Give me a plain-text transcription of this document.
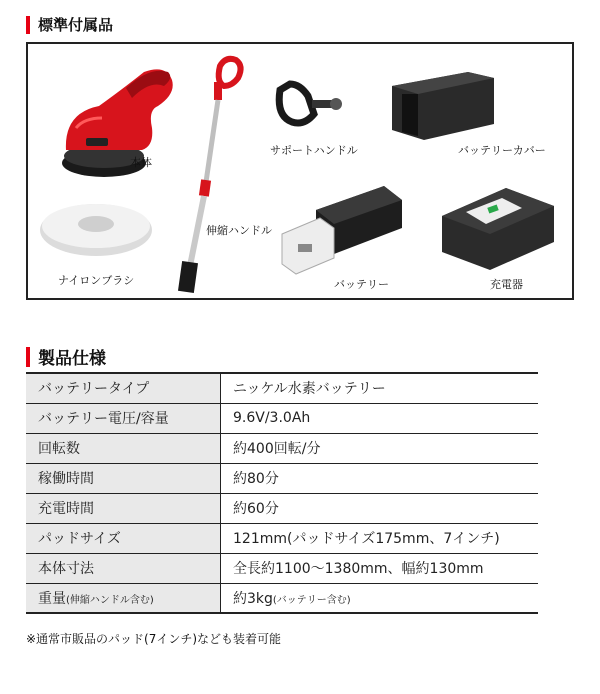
標準付属品
本体
伸縮ハンドル
サポートハンドル	バッテリーカバー
ナイロンブラシ	バッテリー	充電器
製品仕様
バッテリータイプ	ニッケル水素バッテリー
バッテリー電圧/容量	9.6V/3.0Ah
回転数	約400回転/分
稼働時間	約80分
充電時間	約60分
パッドサイズ	121mm(パッドサイズ175mm、7インチ)
本体寸法	全長約1100〜1380mm、幅約130mm
重量(伸縮ハンドル含む)	約3kg(バッテリー含む)
※通常市販品のパッド(7インチ)なども装着可能
